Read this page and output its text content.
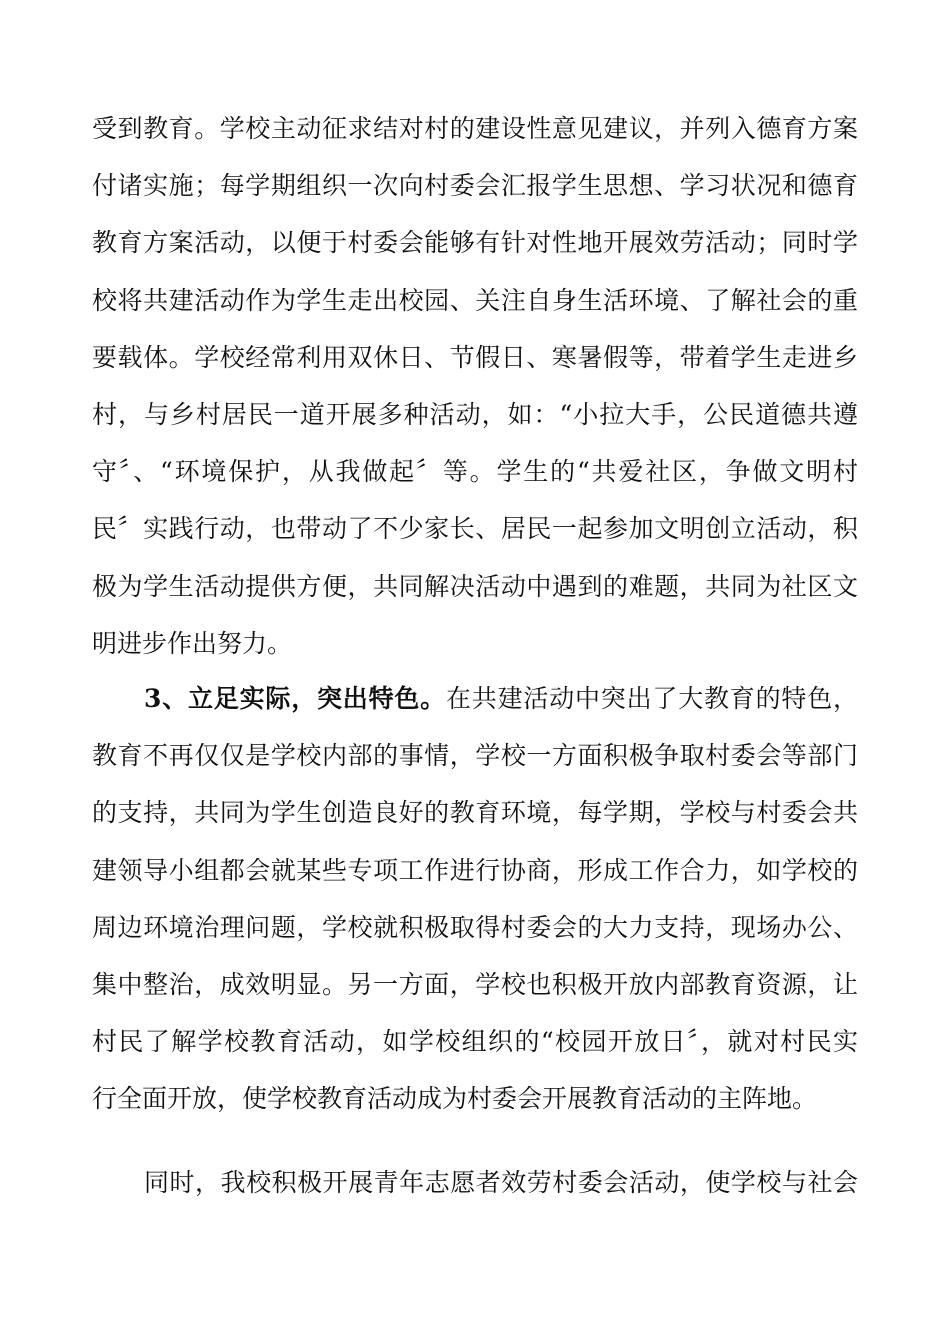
受到教育。学校主动征求结对村的建设性意见建议，并列入德育方案
付诸实施；每学期组织一次向村委会汇报学生思想、学习状况和德育
教育方案活动，以便于村委会能够有针对性地开展效劳活动；同时学
校将共建活动作为学生走出校园、关注自身生活环境、了解社会的重
要载体。学校经常利用双休日、节假日、寒暑假等，带着学生走进乡
村，与乡村居民一道开展多种活动，如：“小拉大手，公民道德共遵
守〞、“环境保护，从我做起〞等。学生的“共爱社区，争做文明村
民〞实践行动，也带动了不少家长、居民一起参加文明创立活动，积
极为学生活动提供方便，共同解决活动中遇到的难题，共同为社区文
明进步作出努力。
3、立足实际，突出特色。在共建活动中突出了大教育的特色，
教育不再仅仅是学校内部的事情，学校一方面积极争取村委会等部门
的支持，共同为学生创造良好的教育环境，每学期，学校与村委会共
建领导小组都会就某些专项工作进行协商，形成工作合力，如学校的
周边环境治理问题，学校就积极取得村委会的大力支持，现场办公、
集中整治，成效明显。另一方面，学校也积极开放内部教育资源，让
村民了解学校教育活动，如学校组织的“校园开放日〞，就对村民实
行全面开放，使学校教育活动成为村委会开展教育活动的主阵地。
同时，我校积极开展青年志愿者效劳村委会活动，使学校与社会
